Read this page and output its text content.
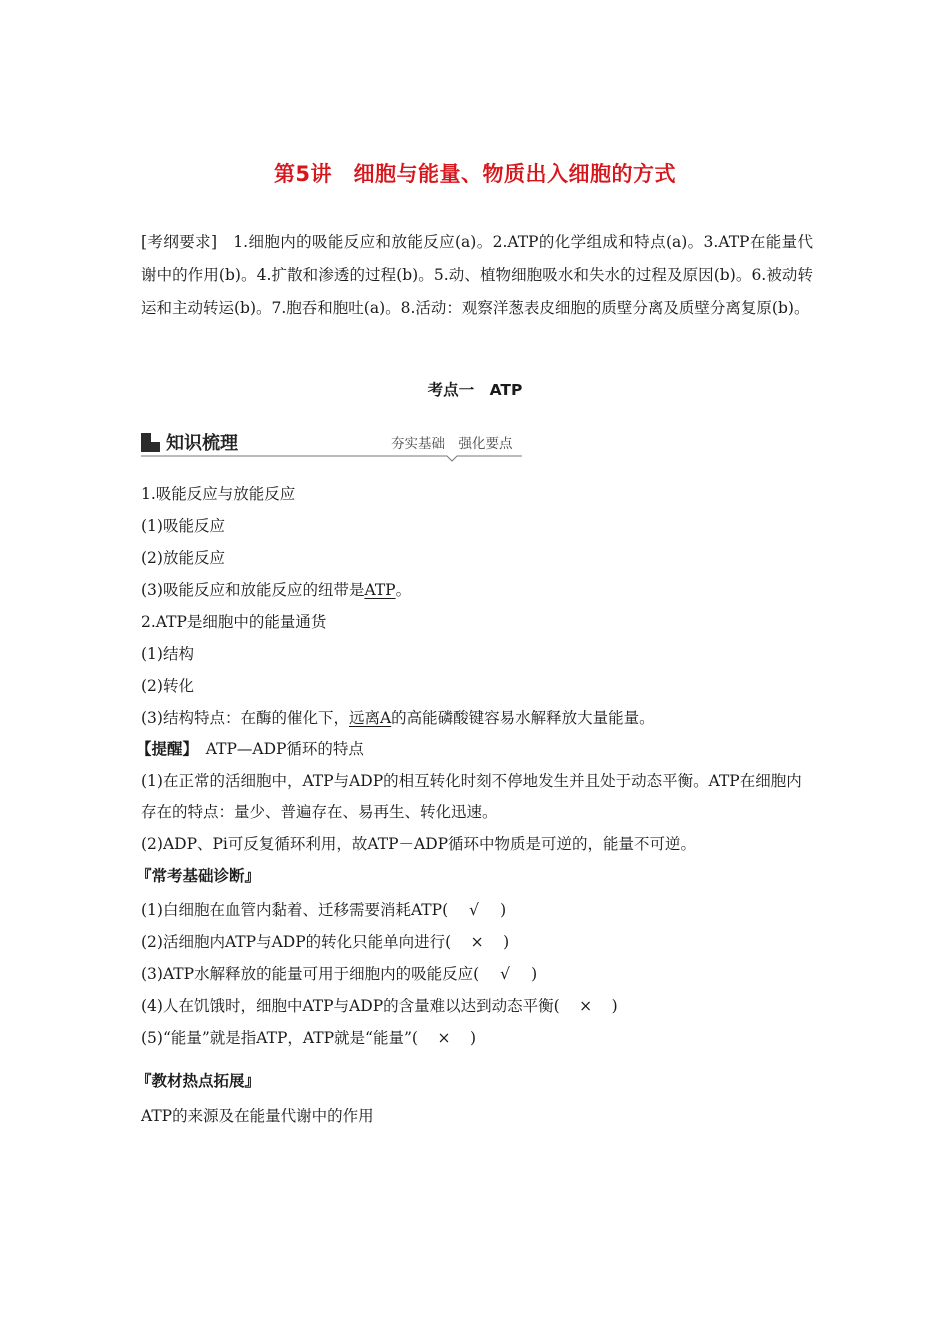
第5讲　细胞与能量、物质出入细胞的方式
[考纲要求]　1.细胞内的吸能反应和放能反应(a)。2.ATP的化学组成和特点(a)。3.ATP在能量代谢中的作用(b)。4.扩散和渗透的过程(b)。5.动、植物细胞吸水和失水的过程及原因(b)。6.被动转运和主动转运(b)。7.胞吞和胞吐(a)。8.活动：观察洋葱表皮细胞的质壁分离及质壁分离复原(b)。
考点一　ATP
知识梳理	夯实基础　强化要点
1.吸能反应与放能反应
(1)吸能反应
(2)放能反应
(3)吸能反应和放能反应的纽带是ATP。
2.ATP是细胞中的能量通货
(1)结构
(2)转化
(3)结构特点：在酶的催化下，远离A的高能磷酸键容易水解释放大量能量。
【提醒】　ATP—ADP循环的特点
(1)在正常的活细胞中，ATP与ADP的相互转化时刻不停地发生并且处于动态平衡。ATP在细胞内存在的特点：量少、普遍存在、易再生、转化迅速。
(2)ADP、Pi可反复循环利用，故ATP－ADP循环中物质是可逆的，能量不可逆。
『常考基础诊断』
(1)白细胞在血管内黏着、迁移需要消耗ATP( √ )
(2)活细胞内ATP与ADP的转化只能单向进行( × )
(3)ATP水解释放的能量可用于细胞内的吸能反应( √ )
(4)人在饥饿时，细胞中ATP与ADP的含量难以达到动态平衡( × )
(5)“能量”就是指ATP，ATP就是“能量”( × )
『教材热点拓展』
ATP的来源及在能量代谢中的作用
